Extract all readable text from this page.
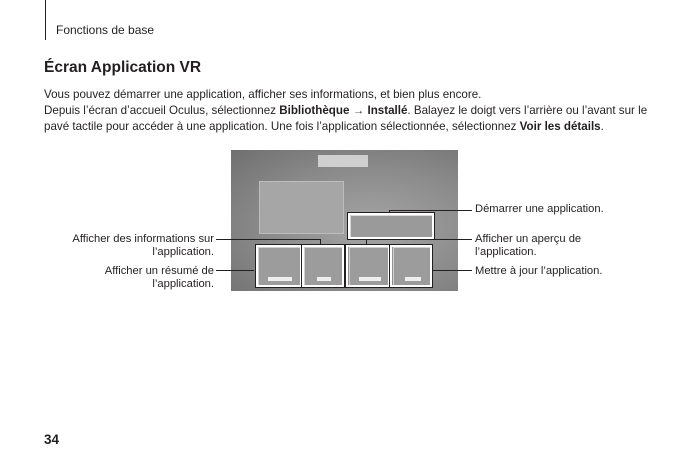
Fonctions de base
Écran Application VR

Vous pouvez démarrer une application, afficher ses informations, et bien plus encore.

Depuis l’écran d’accueil Oculus, sélectionnez Bibliothèque → Installé. Balayez le doigt vers l’arrière ou l’avant sur le pavé tactile pour accéder à une application. Une fois l’application sélectionnée, sélectionnez Voir les détails.

Démarrer une application.
Afficher des informations sur
l’application.
Afficher un résumé de
l’application.
Afficher un aperçu de
l’application.
Mettre à jour l’application.
34
